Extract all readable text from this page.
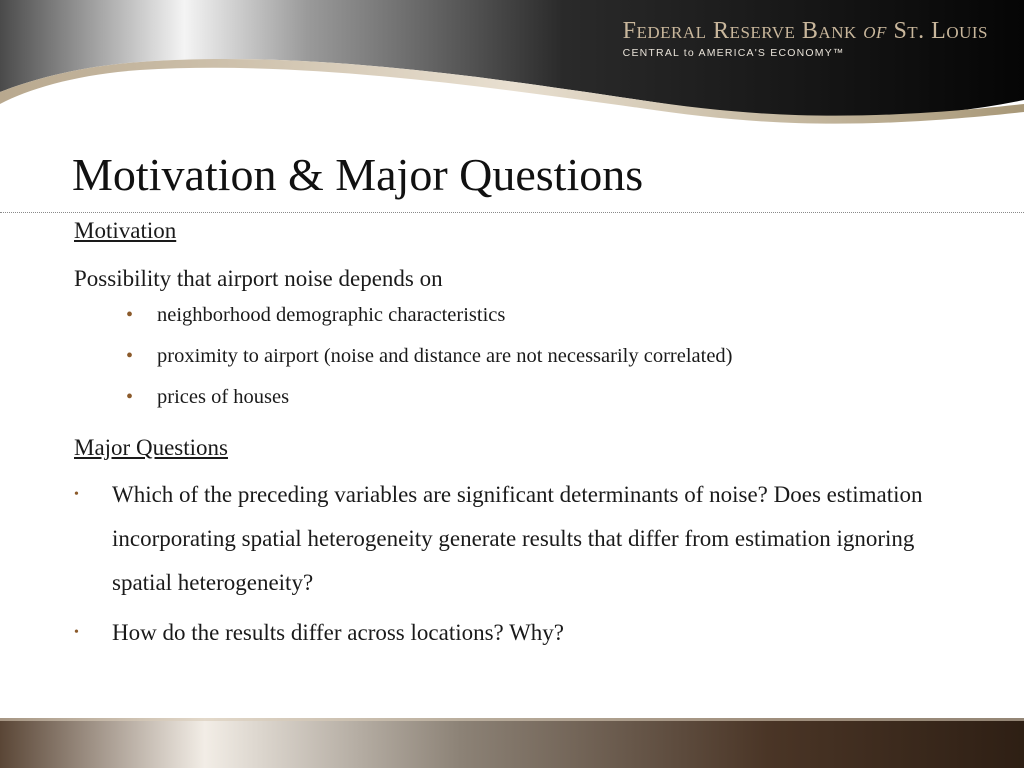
Federal Reserve Bank of St. Louis
CENTRAL to AMERICA'S ECONOMY™
Motivation & Major Questions

Motivation

Possibility that airport noise depends on

• neighborhood demographic characteristics
• proximity to airport (noise and distance are not necessarily correlated)
• prices of houses

Major Questions

• Which of the preceding variables are significant determinants of noise? Does estimation incorporating spatial heterogeneity generate results that differ from estimation ignoring spatial heterogeneity?
• How do the results differ across locations? Why?
